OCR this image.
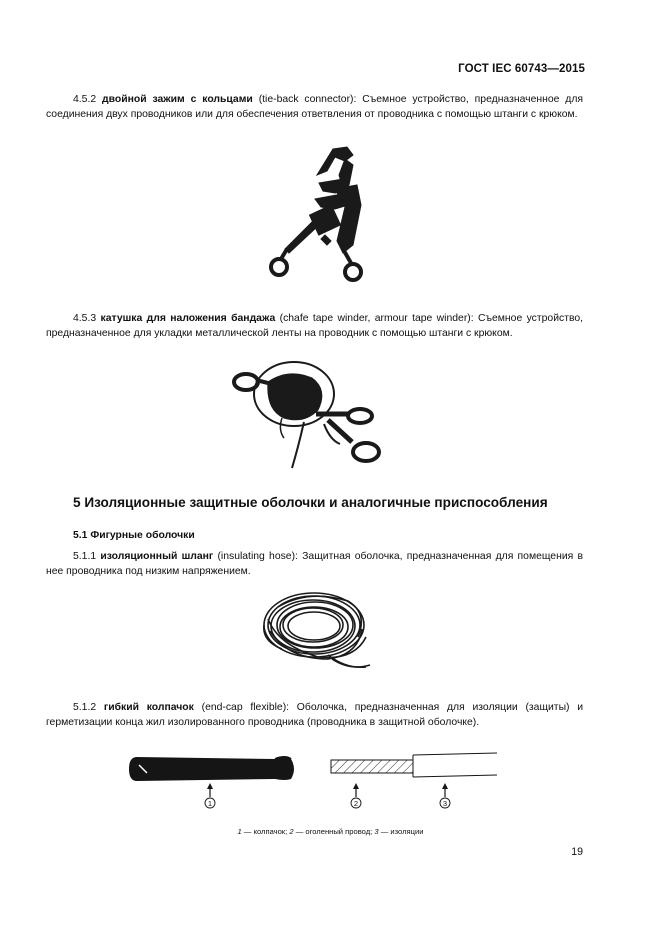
ГОСТ IEC 60743—2015
4.5.2 двойной зажим с кольцами (tie-back connector): Съемное устройство, предназначенное для соединения двух проводников или для обеспечения ответвления от проводника с помощью штанги с крюком.
4.5.3 катушка для наложения бандажа (chafe tape winder, armour tape winder): Съемное устройство, предназначенное для укладки металлической ленты на проводник с помощью штанги с крюком.
5 Изоляционные защитные оболочки и аналогичные приспособления
5.1 Фигурные оболочки
5.1.1 изоляционный шланг (insulating hose): Защитная оболочка, предназначенная для помещения в нее проводника под низким напряжением.
5.1.2 гибкий колпачок (end-cap flexible): Оболочка, предназначенная для изоляции (защиты) и герметизации конца жил изолированного проводника (проводника в защитной оболочке).
1	2	3
1 — колпачок; 2 — оголенный провод; 3 — изоляции
19
